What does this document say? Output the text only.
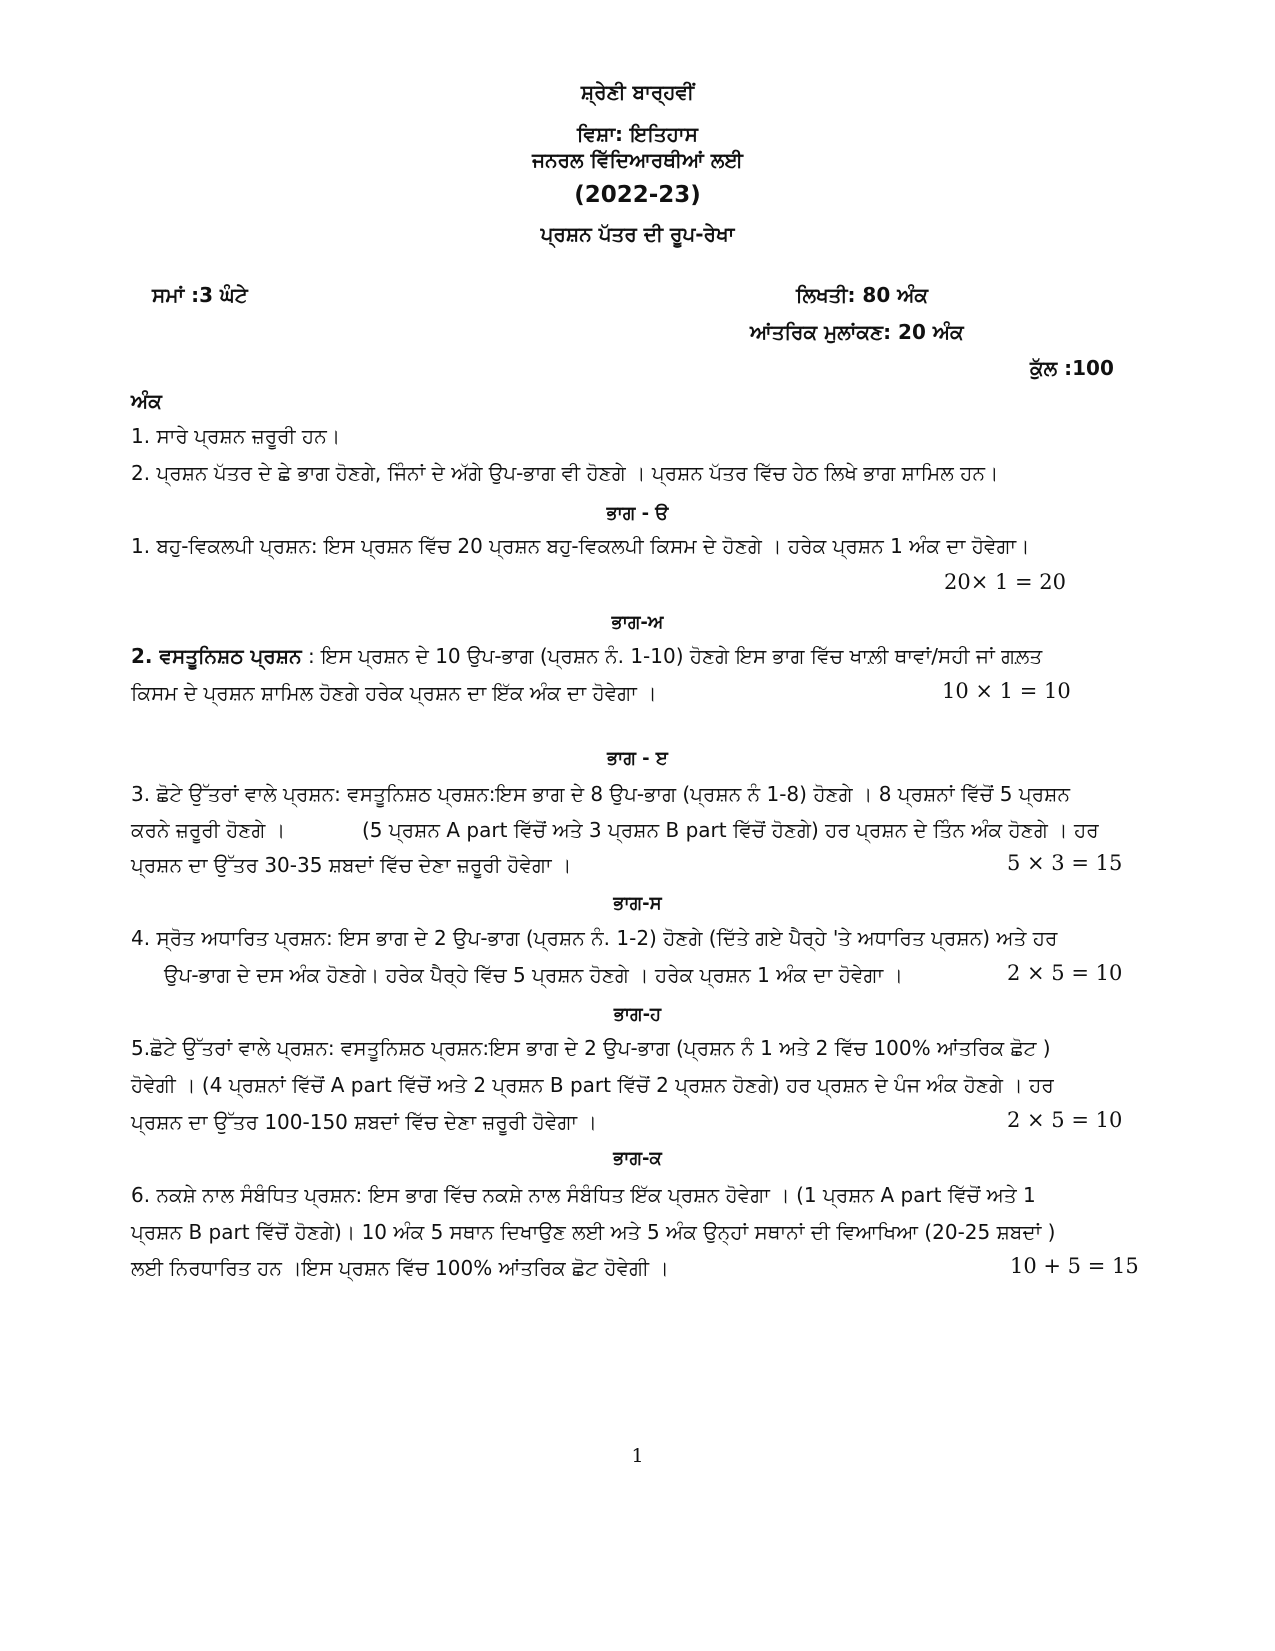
ਸ਼੍ਰੇਣੀ ਬਾਰ੍ਹਵੀਂ
ਵਿਸ਼ਾ: ਇਤਿਹਾਸ
ਜਨਰਲ ਵਿੱਦਿਆਰਥੀਆਂ ਲਈ
(2022-23)
ਪ੍ਰਸ਼ਨ ਪੱਤਰ ਦੀ ਰੂਪ-ਰੇਖਾ
ਸਮਾਂ :3 ਘੰਟੇ	ਲਿਖਤੀ: 80 ਅੰਕ
ਆਂਤਰਿਕ ਮੁਲਾਂਕਣ: 20 ਅੰਕ
ਕੁੱਲ :100
ਅੰਕ
1. ਸਾਰੇ ਪ੍ਰਸ਼ਨ ਜ਼ਰੂਰੀ ਹਨ।
2. ਪ੍ਰਸ਼ਨ ਪੱਤਰ ਦੇ ਛੇ ਭਾਗ ਹੋਣਗੇ, ਜਿੰਨਾਂ ਦੇ ਅੱਗੇ ਉਪ-ਭਾਗ ਵੀ ਹੋਣਗੇ । ਪ੍ਰਸ਼ਨ ਪੱਤਰ ਵਿੱਚ ਹੇਠ ਲਿਖੇ ਭਾਗ ਸ਼ਾਮਿਲ ਹਨ।
ਭਾਗ - ੳ
1. ਬਹੁ-ਵਿਕਲਪੀ ਪ੍ਰਸ਼ਨ: ਇਸ ਪ੍ਰਸ਼ਨ ਵਿੱਚ 20 ਪ੍ਰਸ਼ਨ ਬਹੁ-ਵਿਕਲਪੀ ਕਿਸਮ ਦੇ ਹੋਣਗੇ । ਹਰੇਕ ਪ੍ਰਸ਼ਨ 1 ਅੰਕ ਦਾ ਹੋਵੇਗਾ।
20× 1 = 20
ਭਾਗ-ਅ
2. ਵਸਤੂਨਿਸ਼ਠ ਪ੍ਰਸ਼ਨ : ਇਸ ਪ੍ਰਸ਼ਨ ਦੇ 10 ਉਪ-ਭਾਗ (ਪ੍ਰਸ਼ਨ ਨੰ. 1-10) ਹੋਣਗੇ ਇਸ ਭਾਗ ਵਿੱਚ ਖਾਲ਼ੀ ਥਾਵਾਂ/ਸਹੀ ਜਾਂ ਗਲ਼ਤ
ਕਿਸਮ ਦੇ ਪ੍ਰਸ਼ਨ ਸ਼ਾਮਿਲ ਹੋਣਗੇ ਹਰੇਕ ਪ੍ਰਸ਼ਨ ਦਾ ਇੱਕ ਅੰਕ ਦਾ ਹੋਵੇਗਾ ।	10 × 1 = 10
ਭਾਗ - ੲ
3. ਛੋਟੇ ਉੱਤਰਾਂ ਵਾਲੇ ਪ੍ਰਸ਼ਨ: ਵਸਤੂਨਿਸ਼ਠ ਪ੍ਰਸ਼ਨ:ਇਸ ਭਾਗ ਦੇ 8 ਉਪ-ਭਾਗ (ਪ੍ਰਸ਼ਨ ਨੰ 1-8) ਹੋਣਗੇ । 8 ਪ੍ਰਸ਼ਨਾਂ ਵਿੱਚੋਂ 5 ਪ੍ਰਸ਼ਨ
ਕਰਨੇ ਜ਼ਰੂਰੀ ਹੋਣਗੇ ।	(5 ਪ੍ਰਸ਼ਨ A part ਵਿੱਚੋਂ ਅਤੇ 3 ਪ੍ਰਸ਼ਨ B part ਵਿੱਚੋਂ ਹੋਣਗੇ) ਹਰ ਪ੍ਰਸ਼ਨ ਦੇ ਤਿੰਨ ਅੰਕ ਹੋਣਗੇ । ਹਰ
ਪ੍ਰਸ਼ਨ ਦਾ ਉੱਤਰ 30-35 ਸ਼ਬਦਾਂ ਵਿੱਚ ਦੇਣਾ ਜ਼ਰੂਰੀ ਹੋਵੇਗਾ ।	5 × 3 = 15
ਭਾਗ-ਸ
4. ਸ੍ਰੋਤ ਅਧਾਰਿਤ ਪ੍ਰਸ਼ਨ: ਇਸ ਭਾਗ ਦੇ 2 ਉਪ-ਭਾਗ (ਪ੍ਰਸ਼ਨ ਨੰ. 1-2) ਹੋਣਗੇ (ਦਿੱਤੇ ਗਏ ਪੈਰ੍ਹੇ 'ਤੇ ਅਧਾਰਿਤ ਪ੍ਰਸ਼ਨ) ਅਤੇ ਹਰ
ਉਪ-ਭਾਗ ਦੇ ਦਸ ਅੰਕ ਹੋਣਗੇ। ਹਰੇਕ ਪੈਰ੍ਹੇ ਵਿੱਚ 5 ਪ੍ਰਸ਼ਨ ਹੋਣਗੇ । ਹਰੇਕ ਪ੍ਰਸ਼ਨ 1 ਅੰਕ ਦਾ ਹੋਵੇਗਾ ।	2 × 5 = 10
ਭਾਗ-ਹ
5.ਛੋਟੇ ਉੱਤਰਾਂ ਵਾਲੇ ਪ੍ਰਸ਼ਨ: ਵਸਤੂਨਿਸ਼ਠ ਪ੍ਰਸ਼ਨ:ਇਸ ਭਾਗ ਦੇ 2 ਉਪ-ਭਾਗ (ਪ੍ਰਸ਼ਨ ਨੰ 1 ਅਤੇ 2 ਵਿੱਚ 100% ਆਂਤਰਿਕ ਛੋਟ )
ਹੋਵੇਗੀ । (4 ਪ੍ਰਸ਼ਨਾਂ ਵਿੱਚੋਂ A part ਵਿੱਚੋਂ ਅਤੇ 2 ਪ੍ਰਸ਼ਨ B part ਵਿੱਚੋਂ 2 ਪ੍ਰਸ਼ਨ ਹੋਣਗੇ) ਹਰ ਪ੍ਰਸ਼ਨ ਦੇ ਪੰਜ ਅੰਕ ਹੋਣਗੇ । ਹਰ
ਪ੍ਰਸ਼ਨ ਦਾ ਉੱਤਰ 100-150 ਸ਼ਬਦਾਂ ਵਿੱਚ ਦੇਣਾ ਜ਼ਰੂਰੀ ਹੋਵੇਗਾ ।	2 × 5 = 10
ਭਾਗ-ਕ
6. ਨਕਸ਼ੇ ਨਾਲ ਸੰਬੰਧਿਤ ਪ੍ਰਸ਼ਨ: ਇਸ ਭਾਗ ਵਿੱਚ ਨਕਸ਼ੇ ਨਾਲ ਸੰਬੰਧਿਤ ਇੱਕ ਪ੍ਰਸ਼ਨ ਹੋਵੇਗਾ । (1 ਪ੍ਰਸ਼ਨ A part ਵਿੱਚੋਂ ਅਤੇ 1
ਪ੍ਰਸ਼ਨ B part ਵਿੱਚੋਂ ਹੋਣਗੇ)। 10 ਅੰਕ 5 ਸਥਾਨ ਦਿਖਾਉਣ ਲਈ ਅਤੇ 5 ਅੰਕ ਉਨ੍ਹਾਂ ਸਥਾਨਾਂ ਦੀ ਵਿਆਖਿਆ (20-25 ਸ਼ਬਦਾਂ )
ਲਈ ਨਿਰਧਾਰਿਤ ਹਨ ।ਇਸ ਪ੍ਰਸ਼ਨ ਵਿੱਚ 100% ਆਂਤਰਿਕ ਛੋਟ ਹੋਵੇਗੀ ।	10 + 5 = 15
1
